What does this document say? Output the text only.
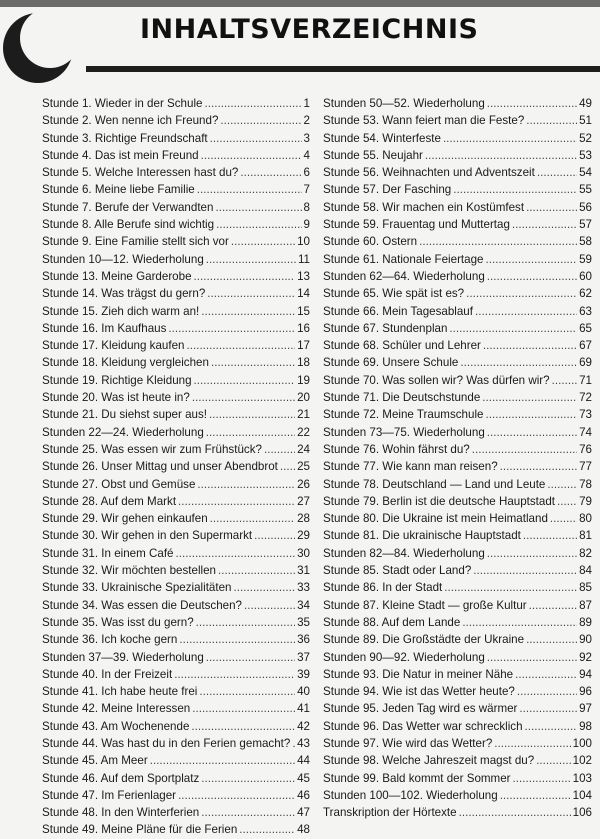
INHALTSVERZEICHNIS
Stunde 1. Wieder in der Schule . . .	1
Stunde 2. Wen nenne ich Freund? . . .	2
Stunde 3. Richtige Freundschaft . . .	3
Stunde 4. Das ist mein Freund . . .	4
Stunde 5. Welche Interessen hast du? . . .	6
Stunde 6. Meine liebe Familie . . .	7
Stunde 7. Berufe der Verwandten . . .	8
Stunde 8. Alle Berufe sind wichtig . . .	9
Stunde 9. Eine Familie stellt sich vor . . .	10
Stunden 10—12. Wiederholung . . .	11
Stunde 13. Meine Garderobe . . .	13
Stunde 14. Was trägst du gern? . . .	14
Stunde 15. Zieh dich warm an! . . .	15
Stunde 16. Im Kaufhaus . . .	16
Stunde 17. Kleidung kaufen . . .	17
Stunde 18. Kleidung vergleichen . . .	18
Stunde 19. Richtige Kleidung . . .	19
Stunde 20. Was ist heute in? . . .	20
Stunde 21. Du siehst super aus! . . .	21
Stunden 22—24. Wiederholung . . .	22
Stunde 25. Was essen wir zum Frühstück? . . .	24
Stunde 26. Unser Mittag und unser Abendbrot . . . 25
Stunde 27. Obst und Gemüse . . .	26
Stunde 28. Auf dem Markt . . .	27
Stunde 29. Wir gehen einkaufen . . .	28
Stunde 30. Wir gehen in den Supermarkt . . .	29
Stunde 31. In einem Café . . .	30
Stunde 32. Wir möchten bestellen . . .	31
Stunde 33. Ukrainische Spezialitäten . . .	33
Stunde 34. Was essen die Deutschen? . . .	34
Stunde 35. Was isst du gern? . . .	35
Stunde 36. Ich koche gern . . .	36
Stunden 37—39. Wiederholung . . .	37
Stunde 40. In der Freizeit . . .	39
Stunde 41. Ich habe heute frei . . .	40
Stunde 42. Meine Interessen . . .	41
Stunde 43. Am Wochenende . . .	42
Stunde 44. Was hast du in den Ferien gemacht? . . . 43
Stunde 45. Am Meer . . .	44
Stunde 46. Auf dem Sportplatz . . .	45
Stunde 47. Im Ferienlager . . .	46
Stunde 48. In den Winterferien . . .	47
Stunde 49. Meine Pläne für die Ferien . . .	48
Stunden 50—52. Wiederholung . . .	49
Stunde 53. Wann feiert man die Feste? . . .	51
Stunde 54. Winterfeste . . .	52
Stunde 55. Neujahr . . .	53
Stunde 56. Weihnachten und Adventszeit . . .	54
Stunde 57. Der Fasching . . .	55
Stunde 58. Wir machen ein Kostümfest . . .	56
Stunde 59. Frauentag und Muttertag . . .	57
Stunde 60. Ostern . . .	58
Stunde 61. Nationale Feiertage . . .	59
Stunden 62—64. Wiederholung . . .	60
Stunde 65. Wie spät ist es? . . .	62
Stunde 66. Mein Tagesablauf . . .	63
Stunde 67. Stundenplan . . .	65
Stunde 68. Schüler und Lehrer . . .	67
Stunde 69. Unsere Schule . . .	69
Stunde 70. Was sollen wir? Was dürfen wir? . . .	71
Stunde 71. Die Deutschstunde . . .	72
Stunde 72. Meine Traumschule . . .	73
Stunden 73—75. Wiederholung . . .	74
Stunde 76. Wohin fährst du? . . .	76
Stunde 77. Wie kann man reisen? . . .	77
Stunde 78. Deutschland — Land und Leute . . .	78
Stunde 79. Berlin ist die deutsche Hauptstadt . . . 79
Stunde 80. Die Ukraine ist mein Heimatland . . .	80
Stunde 81. Die ukrainische Hauptstadt . . .	81
Stunden 82—84. Wiederholung . . .	82
Stunde 85. Stadt oder Land? . . .	84
Stunde 86. In der Stadt . . .	85
Stunde 87. Kleine Stadt — große Kultur . . .	87
Stunde 88. Auf dem Lande . . .	89
Stunde 89. Die Großstädte der Ukraine . . .	90
Stunden 90—92. Wiederholung . . .	92
Stunde 93. Die Natur in meiner Nähe . . .	94
Stunde 94. Wie ist das Wetter heute? . . .	96
Stunde 95. Jeden Tag wird es wärmer . . .	97
Stunde 96. Das Wetter war schrecklich . . .	98
Stunde 97. Wie wird das Wetter? . . .	100
Stunde 98. Welche Jahreszeit magst du? . . .	102
Stunde 99. Bald kommt der Sommer . . .	103
Stunden 100—102. Wiederholung . . .	104
Transkription der Hörtexte . . .	106
